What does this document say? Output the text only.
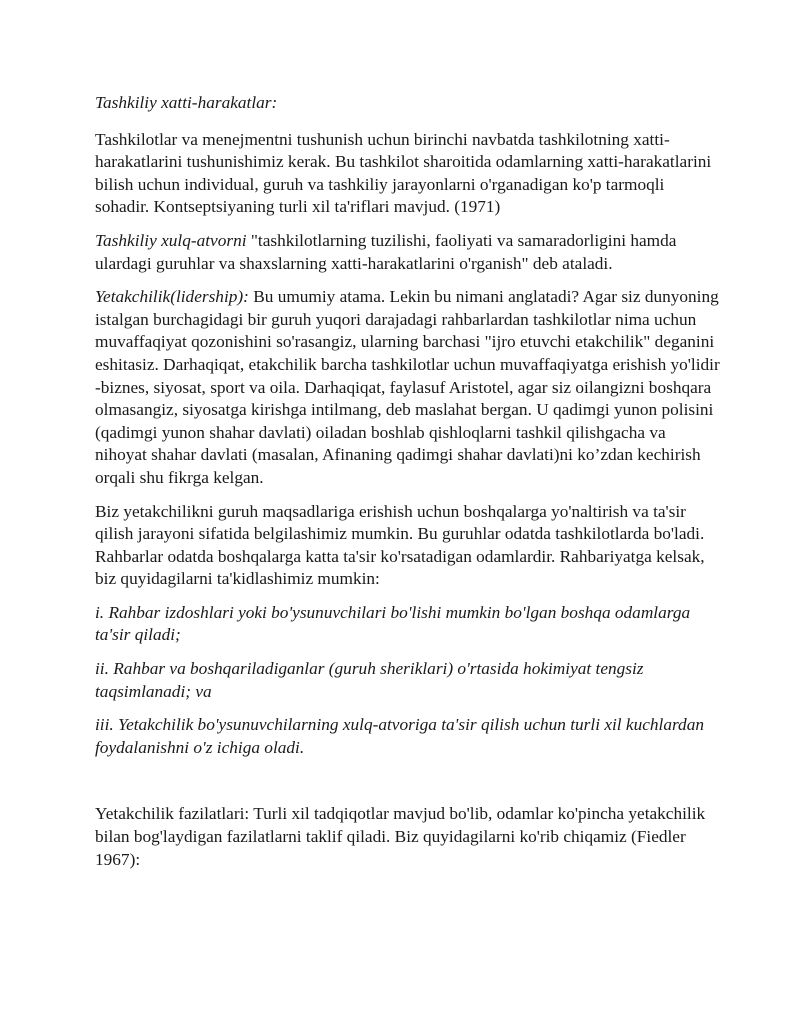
Tashkiliy xatti-harakatlar:

Tashkilotlar va menejmentni tushunish uchun birinchi navbatda tashkilotning xatti-harakatlarini tushunishimiz kerak. Bu tashkilot sharoitida odamlarning xatti-harakatlarini bilish uchun individual, guruh va tashkiliy jarayonlarni o'rganadigan ko'p tarmoqli sohadir. Kontseptsiyaning turli xil ta'riflari mavjud. (1971)

Tashkiliy xulq-atvorni "tashkilotlarning tuzilishi, faoliyati va samaradorligini hamda ulardagi guruhlar va shaxslarning xatti-harakatlarini o'rganish" deb ataladi.

Yetakchilik(lidership): Bu umumiy atama. Lekin bu nimani anglatadi? Agar siz dunyoning istalgan burchagidagi bir guruh yuqori darajadagi rahbarlardan tashkilotlar nima uchun muvaffaqiyat qozonishini so'rasangiz, ularning barchasi "ijro etuvchi etakchilik" deganini eshitasiz. Darhaqiqat, etakchilik barcha tashkilotlar uchun muvaffaqiyatga erishish yo'lidir -biznes, siyosat, sport va oila. Darhaqiqat, faylasuf Aristotel, agar siz oilangizni boshqara olmasangiz, siyosatga kirishga intilmang, deb maslahat bergan. U qadimgi yunon polisini (qadimgi yunon shahar davlati) oiladan boshlab qishloqlarni tashkil qilishgacha va nihoyat shahar davlati (masalan, Afinaning qadimgi shahar davlati)ni ko’zdan kechirish orqali shu fikrga kelgan.

Biz yetakchilikni guruh maqsadlariga erishish uchun boshqalarga yo'naltirish va ta'sir qilish jarayoni sifatida belgilashimiz mumkin. Bu guruhlar odatda tashkilotlarda bo'ladi. Rahbarlar odatda boshqalarga katta ta'sir ko'rsatadigan odamlardir. Rahbariyatga kelsak, biz quyidagilarni ta'kidlashimiz mumkin:

i. Rahbar izdoshlari yoki bo'ysunuvchilari bo'lishi mumkin bo'lgan boshqa odamlarga ta'sir qiladi;

ii. Rahbar va boshqariladiganlar (guruh sheriklari) o'rtasida hokimiyat tengsiz taqsimlanadi; va

iii. Yetakchilik bo'ysunuvchilarning xulq-atvoriga ta'sir qilish uchun turli xil kuchlardan foydalanishni o'z ichiga oladi.

Yetakchilik fazilatlari: Turli xil tadqiqotlar mavjud bo'lib, odamlar ko'pincha yetakchilik bilan bog'laydigan fazilatlarni taklif qiladi. Biz quyidagilarni ko'rib chiqamiz (Fiedler 1967):
